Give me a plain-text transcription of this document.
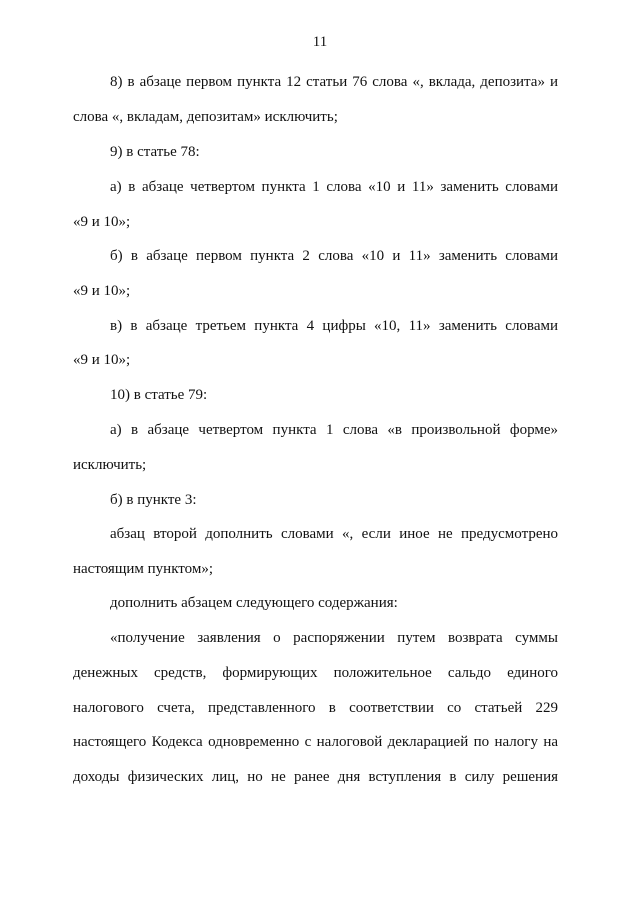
11
8) в абзаце первом пункта 12 статьи 76 слова «, вклада, депозита» и
слова «, вкладам, депозитам» исключить;
9) в статье 78:
а) в абзаце четвертом пункта 1 слова «10 и 11» заменить словами
«9 и 10»;
б) в абзаце первом пункта 2 слова «10 и 11» заменить словами
«9 и 10»;
в) в абзаце третьем пункта 4 цифры «10, 11» заменить словами
«9 и 10»;
10) в статье 79:
а) в абзаце четвертом пункта 1 слова «в произвольной форме»
исключить;
б) в пункте 3:
абзац второй дополнить словами «, если иное не предусмотрено
настоящим пунктом»;
дополнить абзацем следующего содержания:
«получение заявления о распоряжении путем возврата суммы
денежных средств, формирующих положительное сальдо единого
налогового счета, представленного в соответствии со статьей 229
настоящего Кодекса одновременно с налоговой декларацией по налогу на
доходы физических лиц, но не ранее дня вступления в силу решения
